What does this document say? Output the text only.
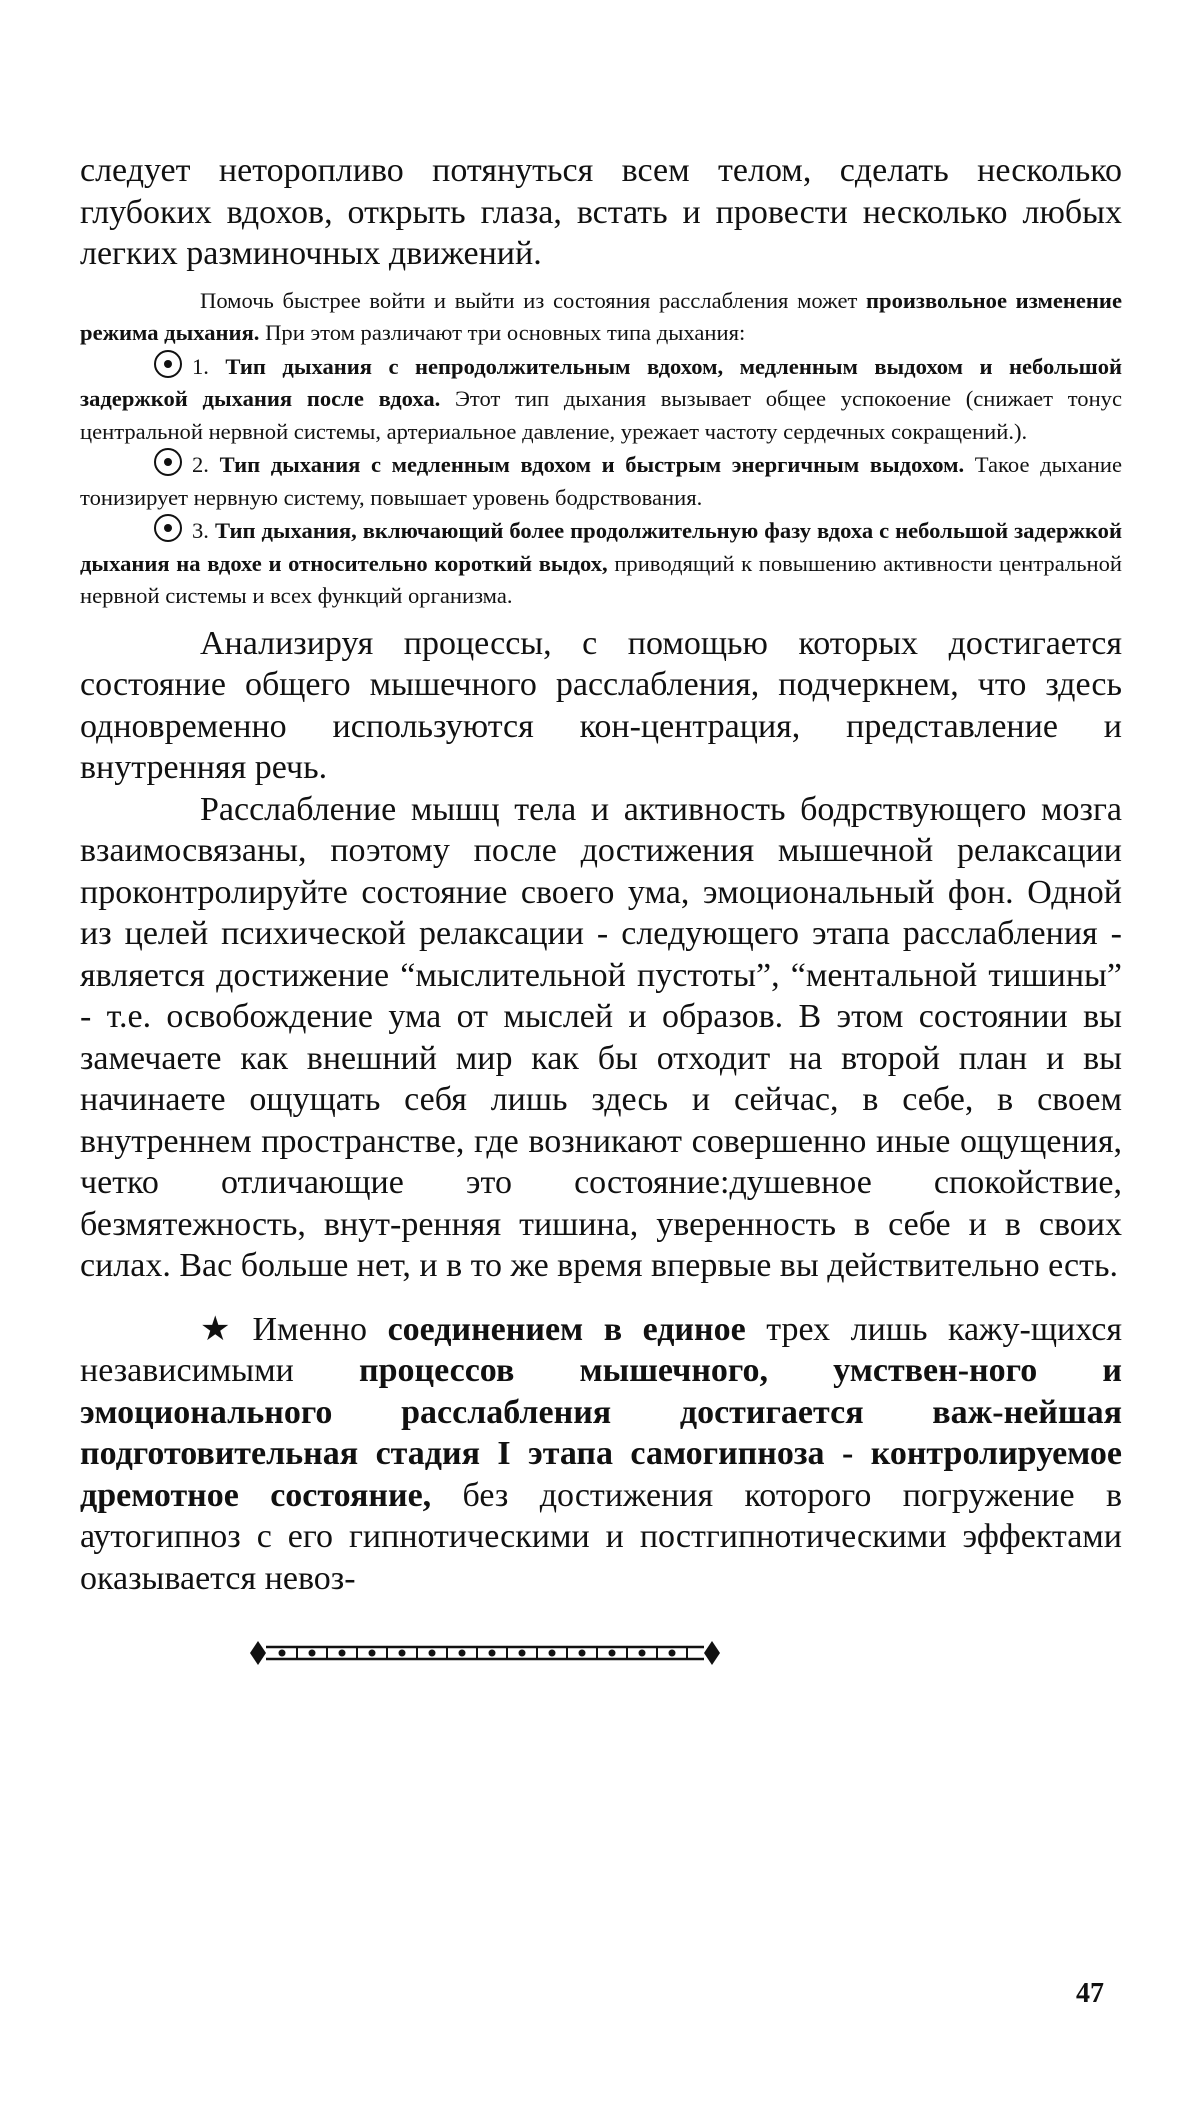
следует неторопливо потянуться всем телом, сделать несколько глубоких вдохов, открыть глаза, встать и провести несколько любых легких разминочных движений.

Помочь быстрее войти и выйти из состояния расслабления может произвольное изменение режима дыхания. При этом различают три основных типа дыхания:

1. Тип дыхания с непродолжительным вдохом, медленным выдохом и небольшой задержкой дыхания после вдоха. Этот тип дыхания вызывает общее успокоение (снижает тонус центральной нервной системы, артериальное давление, урежает частоту сердечных сокращений.).

2. Тип дыхания с медленным вдохом и быстрым энергичным выдохом. Такое дыхание тонизирует нервную систему, повышает уровень бодрствования.

3. Тип дыхания, включающий более продолжительную фазу вдоха с небольшой задержкой дыхания на вдохе и относительно короткий выдох, приводящий к повышению активности центральной нервной системы и всех функций организма.

Анализируя процессы, с помощью которых достигается состояние общего мышечного расслабления, подчеркнем, что здесь одновременно используются кон-центрация, представление и внутренняя речь.

Расслабление мышц тела и активность бодрствующего мозга взаимосвязаны, поэтому после достижения мышечной релаксации проконтролируйте состояние своего ума, эмоциональный фон. Одной из целей психической релаксации - следующего этапа расслабления - является достижение “мыслительной пустоты”, “ментальной тишины” - т.е. освобождение ума от мыслей и образов. В этом состоянии вы замечаете как внешний мир как бы отходит на второй план и вы начинаете ощущать себя лишь здесь и сейчас, в себе, в своем внутреннем пространстве, где возникают совершенно иные ощущения, четко отличающие это состояние:душевное спокойствие, безмятежность, внут-ренняя тишина, уверенность в себе и в своих силах. Вас больше нет, и в то же время впервые вы действительно есть.

★ Именно соединением в единое трех лишь кажу-щихся независимыми процессов мышечного, умствен-ного и эмоционального расслабления достигается важ-нейшая подготовительная стадия I этапа самогипноза - контролируемое дремотное состояние, без достижения которого погружение в аутогипноз с его гипнотическими и постгипнотическими эффектами оказывается невоз-

47
